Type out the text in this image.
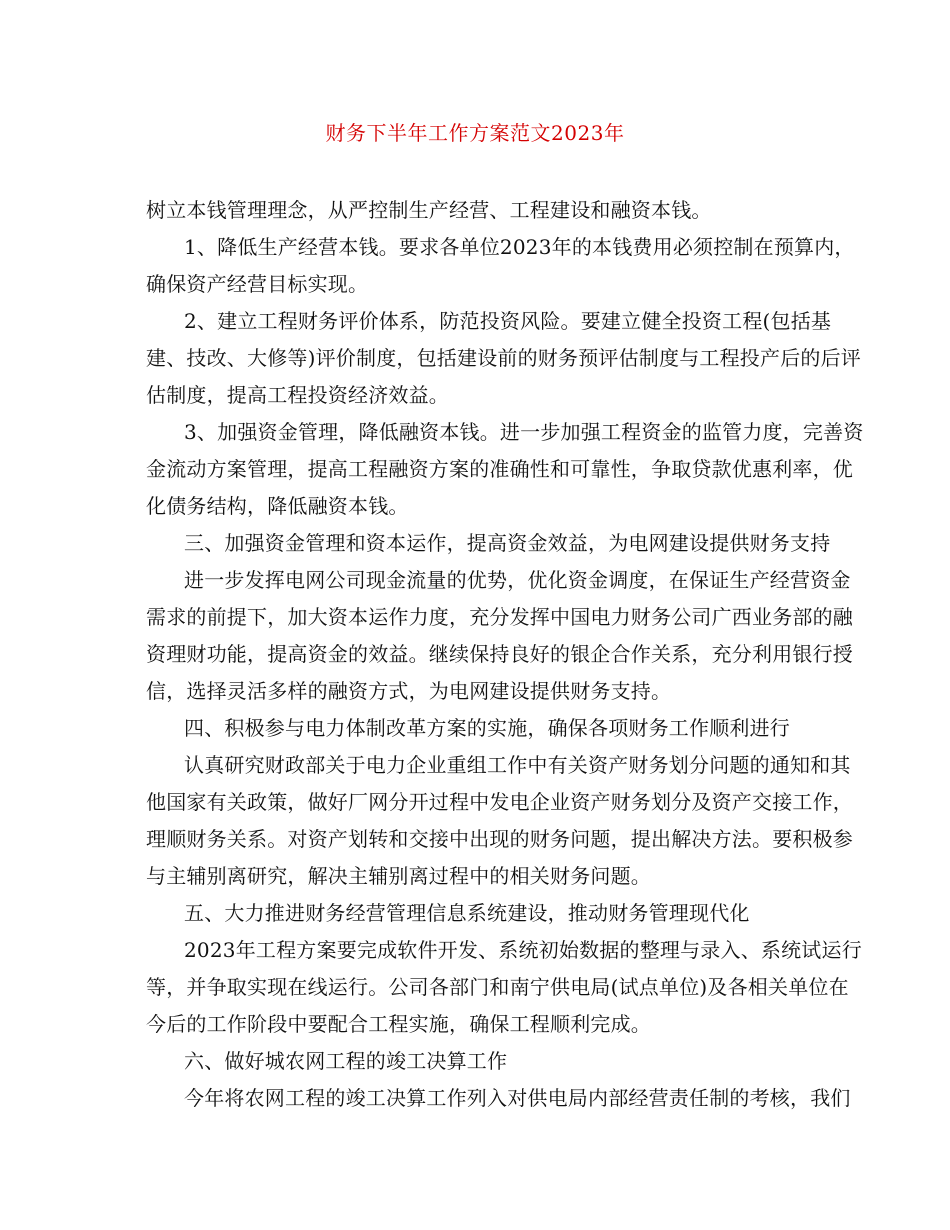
财务下半年工作方案范文2023年
树立本钱管理理念，从严控制生产经营、工程建设和融资本钱。
1、降低生产经营本钱。要求各单位2023年的本钱费用必须控制在预算内，
确保资产经营目标实现。
2、建立工程财务评价体系，防范投资风险。要建立健全投资工程(包括基
建、技改、大修等)评价制度，包括建设前的财务预评估制度与工程投产后的后评
估制度，提高工程投资经济效益。
3、加强资金管理，降低融资本钱。进一步加强工程资金的监管力度，完善资
金流动方案管理，提高工程融资方案的准确性和可靠性，争取贷款优惠利率，优
化债务结构，降低融资本钱。
三、加强资金管理和资本运作，提高资金效益，为电网建设提供财务支持
进一步发挥电网公司现金流量的优势，优化资金调度，在保证生产经营资金
需求的前提下，加大资本运作力度，充分发挥中国电力财务公司广西业务部的融
资理财功能，提高资金的效益。继续保持良好的银企合作关系，充分利用银行授
信，选择灵活多样的融资方式，为电网建设提供财务支持。
四、积极参与电力体制改革方案的实施，确保各项财务工作顺利进行
认真研究财政部关于电力企业重组工作中有关资产财务划分问题的通知和其
他国家有关政策，做好厂网分开过程中发电企业资产财务划分及资产交接工作，
理顺财务关系。对资产划转和交接中出现的财务问题，提出解决方法。要积极参
与主辅别离研究，解决主辅别离过程中的相关财务问题。
五、大力推进财务经营管理信息系统建设，推动财务管理现代化
2023年工程方案要完成软件开发、系统初始数据的整理与录入、系统试运行
等，并争取实现在线运行。公司各部门和南宁供电局(试点单位)及各相关单位在
今后的工作阶段中要配合工程实施，确保工程顺利完成。
六、做好城农网工程的竣工决算工作
今年将农网工程的竣工决算工作列入对供电局内部经营责任制的考核，我们
